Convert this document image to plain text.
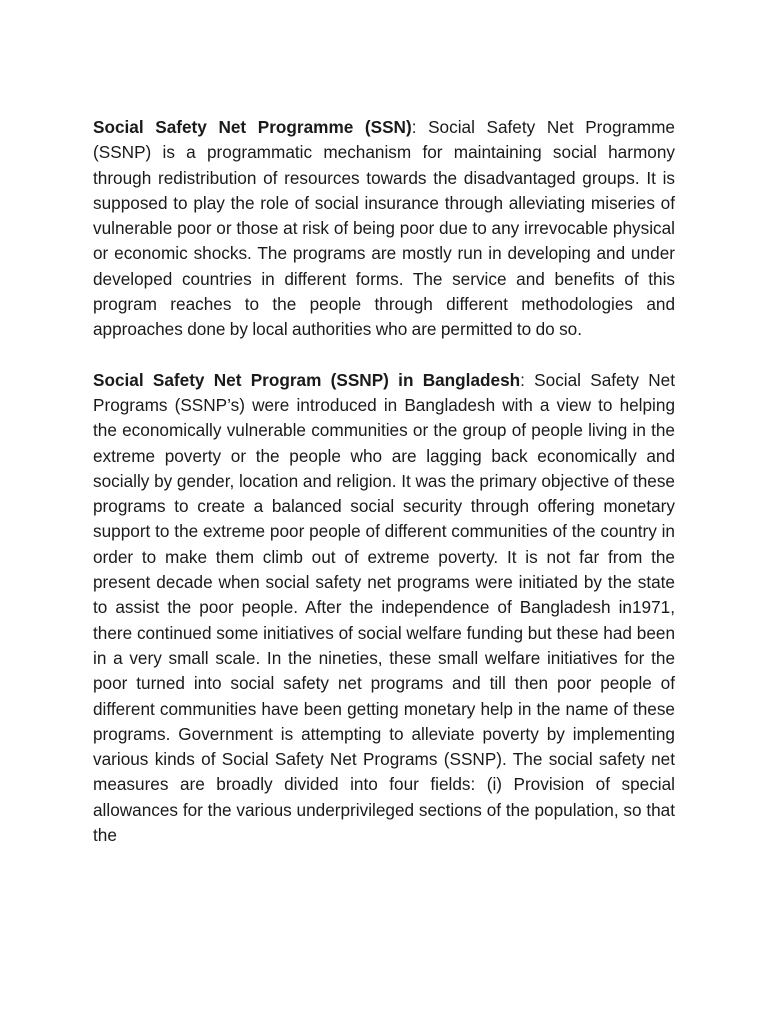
Social Safety Net Programme (SSN): Social Safety Net Programme (SSNP) is a programmatic mechanism for maintaining social harmony through redistribution of resources towards the disadvantaged groups. It is supposed to play the role of social insurance through alleviating miseries of vulnerable poor or those at risk of being poor due to any irrevocable physical or economic shocks. The programs are mostly run in developing and under developed countries in different forms. The service and benefits of this program reaches to the people through different methodologies and approaches done by local authorities who are permitted to do so.

Social Safety Net Program (SSNP) in Bangladesh: Social Safety Net Programs (SSNP’s) were introduced in Bangladesh with a view to helping the economically vulnerable communities or the group of people living in the extreme poverty or the people who are lagging back economically and socially by gender, location and religion. It was the primary objective of these programs to create a balanced social security through offering monetary support to the extreme poor people of different communities of the country in order to make them climb out of extreme poverty. It is not far from the present decade when social safety net programs were initiated by the state to assist the poor people. After the independence of Bangladesh in1971, there continued some initiatives of social welfare funding but these had been in a very small scale. In the nineties, these small welfare initiatives for the poor turned into social safety net programs and till then poor people of different communities have been getting monetary help in the name of these programs. Government is attempting to alleviate poverty by implementing various kinds of Social Safety Net Programs (SSNP). The social safety net measures are broadly divided into four fields: (i) Provision of special allowances for the various underprivileged sections of the population, so that the
